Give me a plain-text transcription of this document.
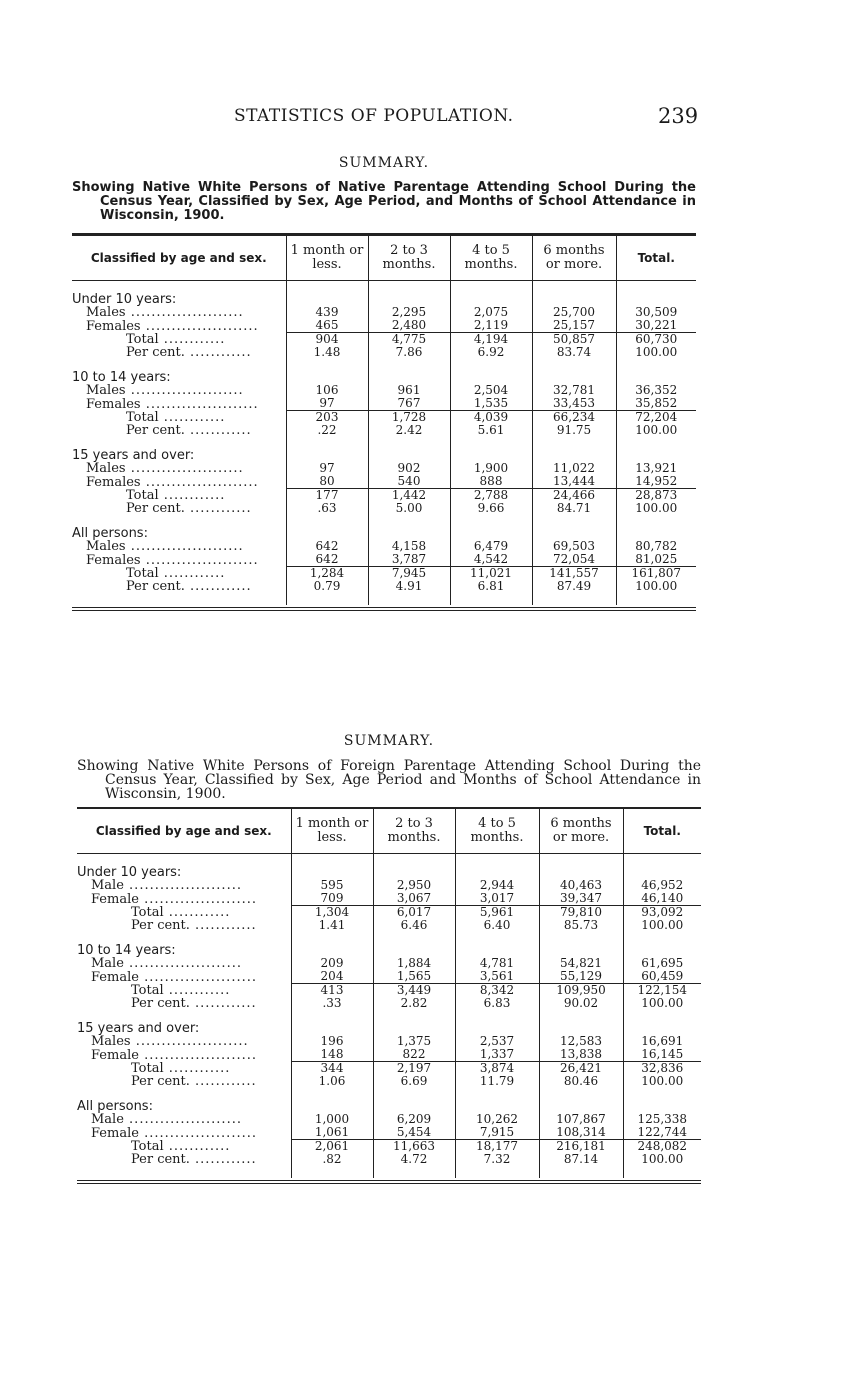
STATISTICS OF POPULATION.	239
SUMMARY.
Showing Native White Persons of Native Parentage Attending School During the Census Year, Classified by Sex, Age Period, and Months of School Attendance in Wisconsin, 1900.
Classified by age and sex.	1 month or less.	2 to 3 months.	4 to 5 months.	6 months or more.	Total.

Under 10 years:					
Males ......................	439	2,295	2,075	25,700	30,509
Females ......................	465	2,480	2,119	25,157	30,221
Total ............	904	4,775	4,194	50,857	60,730
Per cent. ............	1.48	7.86	6.92	83.74	100.00

10 to 14 years:					
Males ......................	106	961	2,504	32,781	36,352
Females ......................	97	767	1,535	33,453	35,852
Total ............	203	1,728	4,039	66,234	72,204
Per cent. ............	.22	2.42	5.61	91.75	100.00

15 years and over:					
Males ......................	97	902	1,900	11,022	13,921
Females ......................	80	540	888	13,444	14,952
Total ............	177	1,442	2,788	24,466	28,873
Per cent. ............	.63	5.00	9.66	84.71	100.00

All persons:					
Males ......................	642	4,158	6,479	69,503	80,782
Females ......................	642	3,787	4,542	72,054	81,025
Total ............	1,284	7,945	11,021	141,557	161,807
Per cent. ............	0.79	4.91	6.81	87.49	100.00

SUMMARY.
Showing Native White Persons of Foreign Parentage Attending School During the Census Year, Classified by Sex, Age Period and Months of School Attendance in Wisconsin, 1900.
Classified by age and sex.	1 month or less.	2 to 3 months.	4 to 5 months.	6 months or more.	Total.

Under 10 years:					
Male ......................	595	2,950	2,944	40,463	46,952
Female ......................	709	3,067	3,017	39,347	46,140
Total ............	1,304	6,017	5,961	79,810	93,092
Per cent. ............	1.41	6.46	6.40	85.73	100.00

10 to 14 years:					
Male ......................	209	1,884	4,781	54,821	61,695
Female ......................	204	1,565	3,561	55,129	60,459
Total ............	413	3,449	8,342	109,950	122,154
Per cent. ............	.33	2.82	6.83	90.02	100.00

15 years and over:					
Males ......................	196	1,375	2,537	12,583	16,691
Female ......................	148	822	1,337	13,838	16,145
Total ............	344	2,197	3,874	26,421	32,836
Per cent. ............	1.06	6.69	11.79	80.46	100.00

All persons:					
Male ......................	1,000	6,209	10,262	107,867	125,338
Female ......................	1,061	5,454	7,915	108,314	122,744
Total ............	2,061	11,663	18,177	216,181	248,082
Per cent. ............	.82	4.72	7.32	87.14	100.00
